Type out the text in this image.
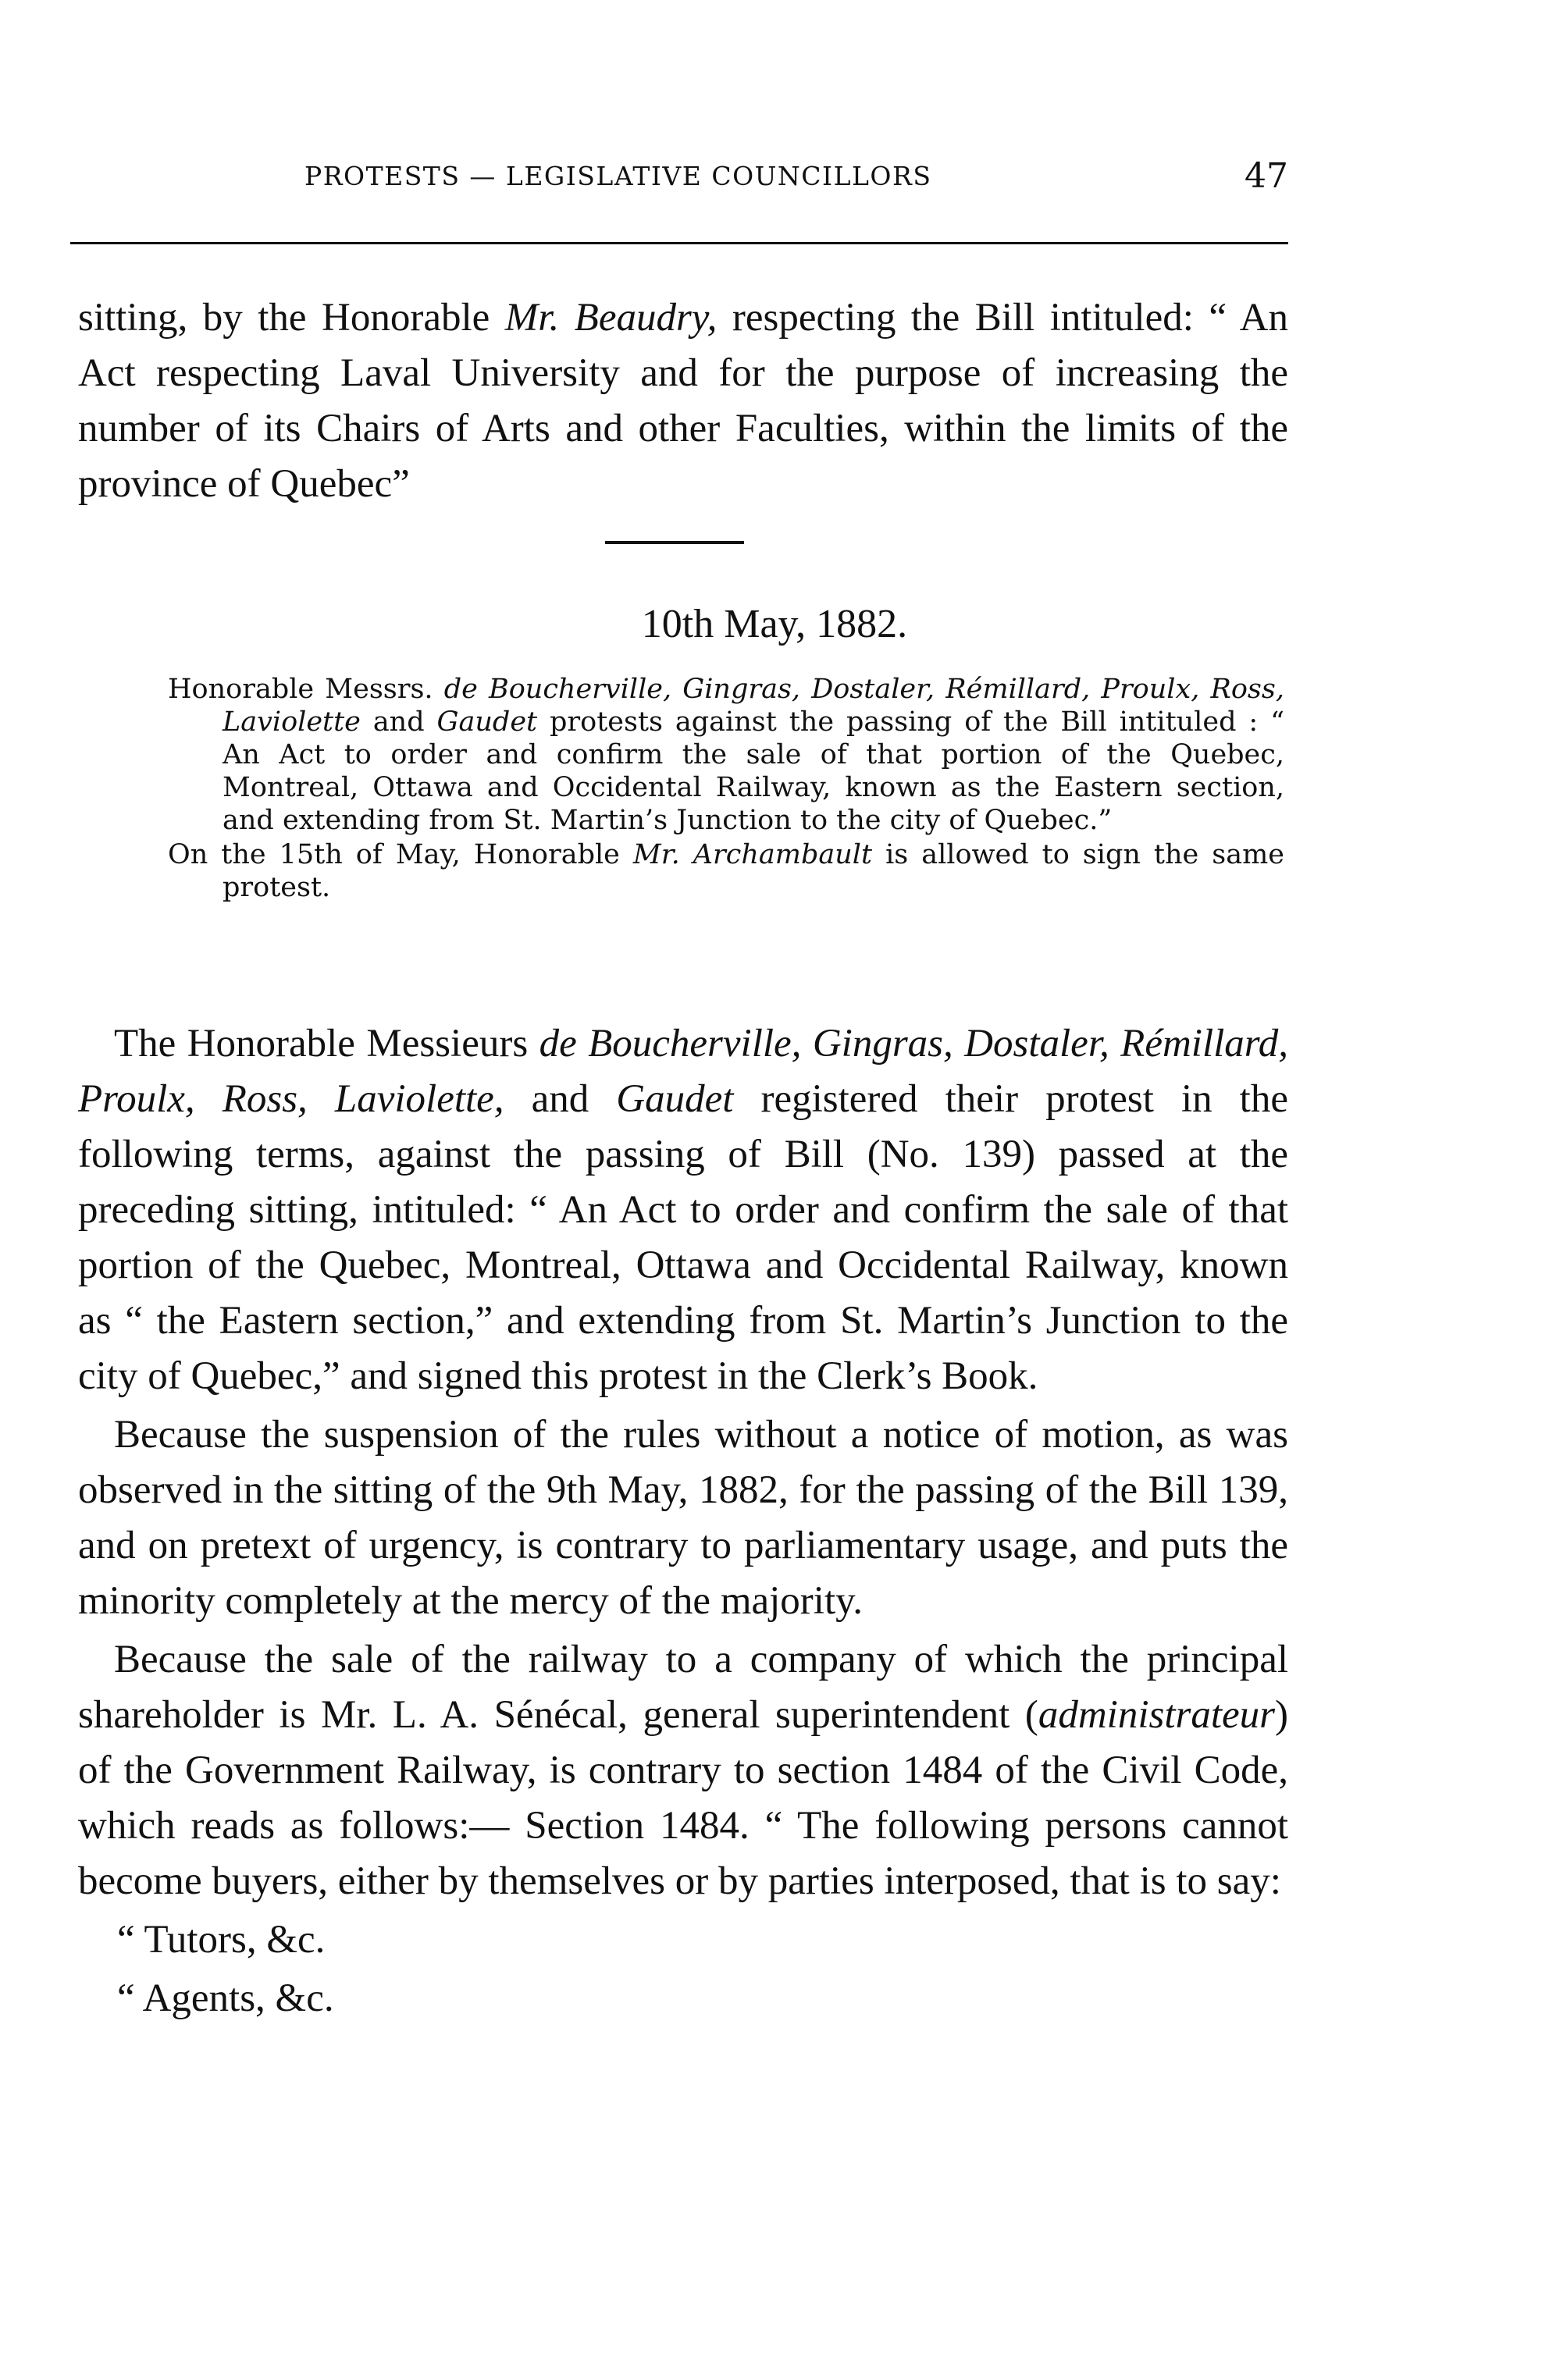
PROTESTS — LEGISLATIVE COUNCILLORS	47
sitting, by the Honorable Mr. Beaudry, respecting the Bill intituled: “ An Act respecting Laval University and for the purpose of increasing the number of its Chairs of Arts and other Faculties, within the limits of the province of Quebec”
10th May, 1882.

Honorable Messrs. de Boucherville, Gingras, Dostaler, Rémillard, Proulx, Ross, Laviolette and Gaudet protests against the passing of the Bill intituled : “ An Act to order and confirm the sale of that portion of the Quebec, Montreal, Ottawa and Occidental Railway, known as the Eastern section, and extending from St. Martin’s Junction to the city of Quebec.”

On the 15th of May, Honorable Mr. Archambault is allowed to sign the same protest.

The Honorable Messieurs de Boucherville, Gingras, Dostaler, Rémillard, Proulx, Ross, Laviolette, and Gaudet registered their protest in the following terms, against the passing of Bill (No. 139) passed at the preceding sitting, intituled: “ An Act to order and confirm the sale of that portion of the Quebec, Montreal, Ottawa and Occidental Railway, known as “ the Eastern section,” and extending from St. Martin’s Junction to the city of Quebec,” and signed this protest in the Clerk’s Book.

Because the suspension of the rules without a notice of motion, as was observed in the sitting of the 9th May, 1882, for the passing of the Bill 139, and on pretext of urgency, is contrary to parliamentary usage, and puts the minority completely at the mercy of the majority.

Because the sale of the railway to a company of which the principal shareholder is Mr. L. A. Sénécal, general superintendent (administrateur) of the Government Railway, is contrary to section 1484 of the Civil Code, which reads as follows:— Section 1484. “ The following persons cannot become buyers, either by themselves or by parties interposed, that is to say:

“ Tutors, &c.

“ Agents, &c.
